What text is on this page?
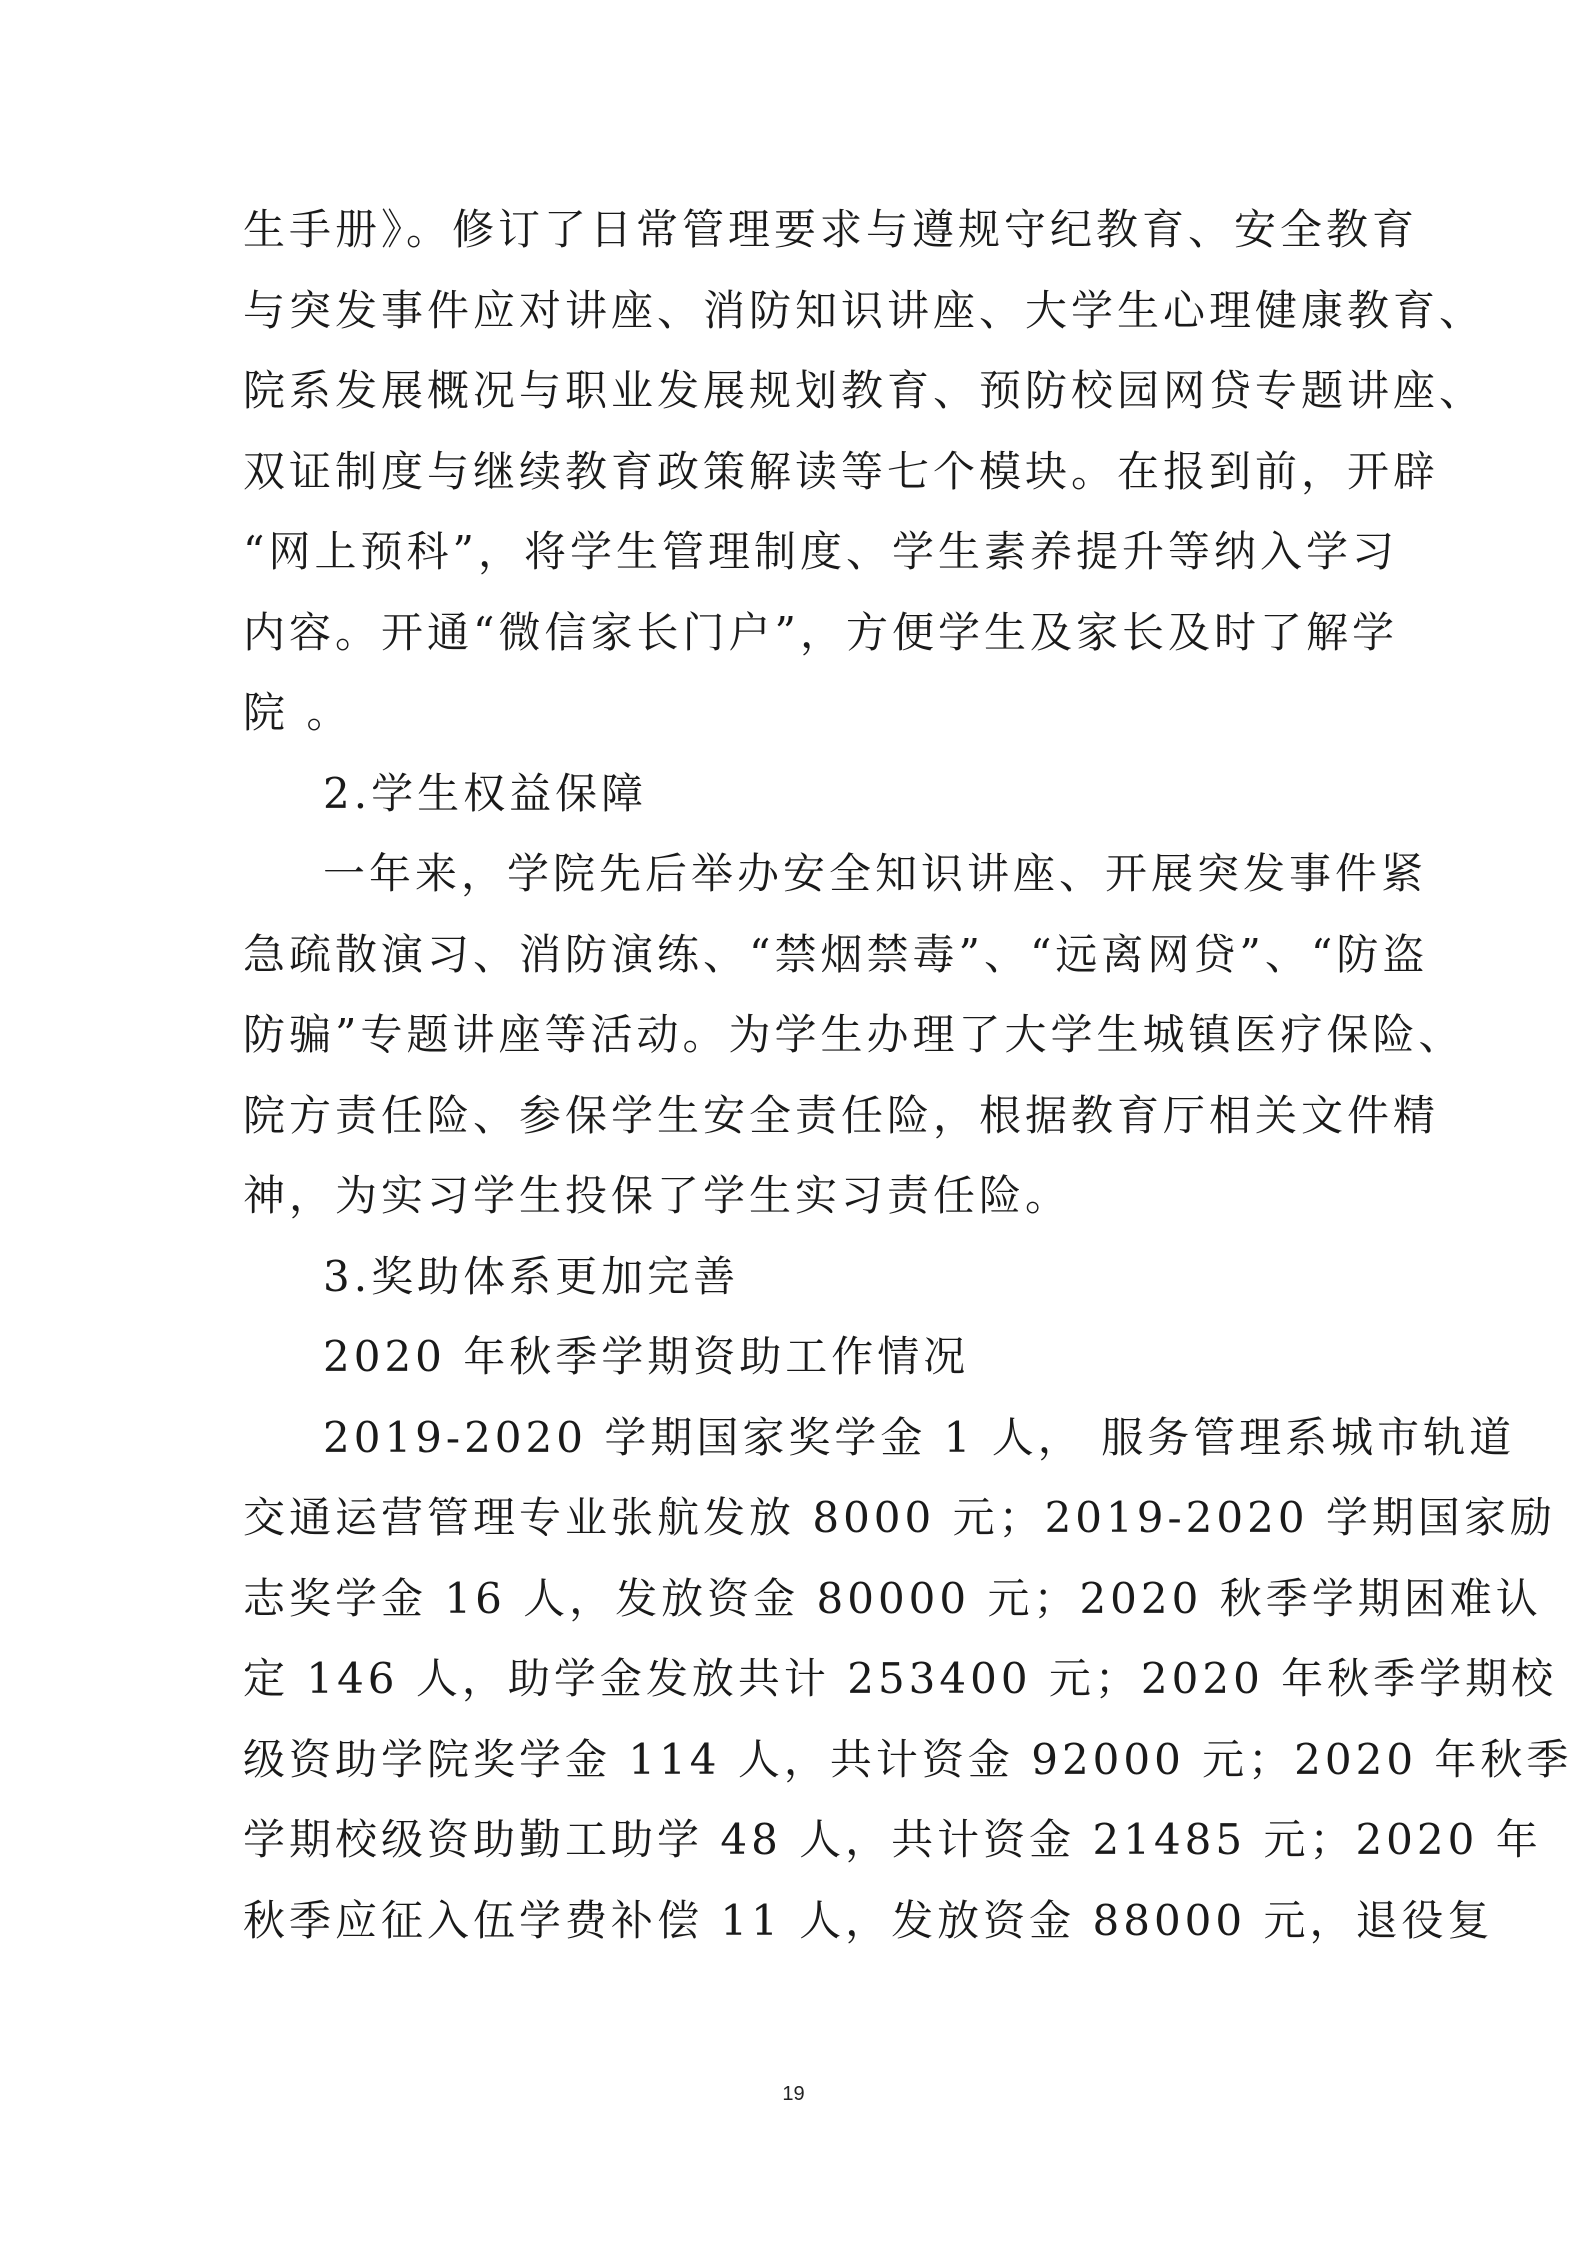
生手册》。修订了日常管理要求与遵规守纪教育、安全教育
与突发事件应对讲座、消防知识讲座、大学生心理健康教育、
院系发展概况与职业发展规划教育、预防校园网贷专题讲座、
双证制度与继续教育政策解读等七个模块。在报到前，开辟
“网上预科”，将学生管理制度、学生素养提升等纳入学习
内容。开通“微信家长门户”，方便学生及家长及时了解学
院 。
2.学生权益保障
一年来，学院先后举办安全知识讲座、开展突发事件紧
急疏散演习、消防演练、“禁烟禁毒”、“远离网贷”、“防盗
防骗”专题讲座等活动。为学生办理了大学生城镇医疗保险、
院方责任险、参保学生安全责任险，根据教育厅相关文件精
神，为实习学生投保了学生实习责任险。
3.奖助体系更加完善
2020 年秋季学期资助工作情况
2019-2020 学期国家奖学金 1 人， 服务管理系城市轨道
交通运营管理专业张航发放 8000 元；2019-2020 学期国家励
志奖学金 16 人，发放资金 80000 元；2020 秋季学期困难认
定 146 人，助学金发放共计 253400 元；2020 年秋季学期校
级资助学院奖学金 114 人，共计资金 92000 元；2020 年秋季
学期校级资助勤工助学 48 人，共计资金 21485 元；2020 年
秋季应征入伍学费补偿 11 人，发放资金 88000 元，退役复
19
